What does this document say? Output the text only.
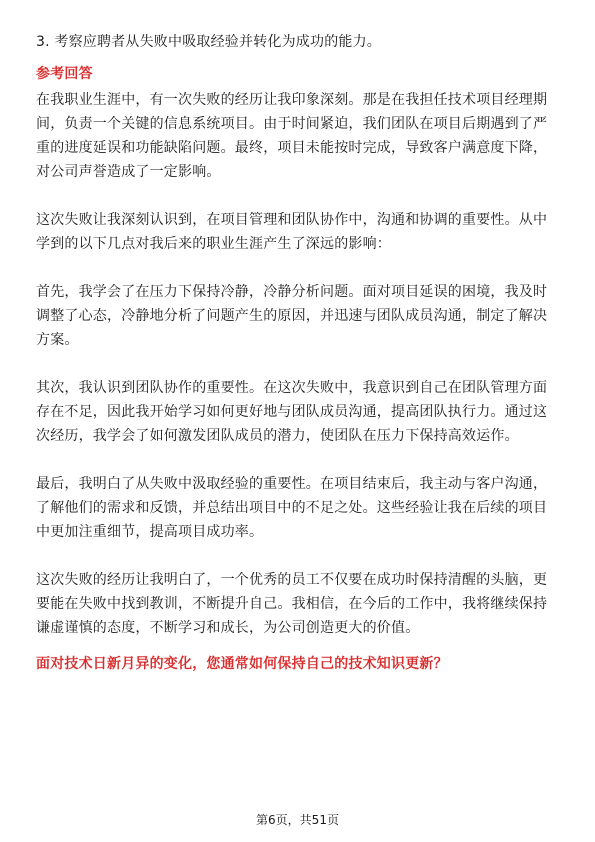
3. 考察应聘者从失败中吸取经验并转化为成功的能力。
参考回答
在我职业生涯中，有一次失败的经历让我印象深刻。那是在我担任技术项目经理期
间，负责一个关键的信息系统项目。由于时间紧迫，我们团队在项目后期遇到了严
重的进度延误和功能缺陷问题。最终，项目未能按时完成，导致客户满意度下降，
对公司声誉造成了一定影响。
这次失败让我深刻认识到，在项目管理和团队协作中，沟通和协调的重要性。从中
学到的以下几点对我后来的职业生涯产生了深远的影响：
首先，我学会了在压力下保持冷静，冷静分析问题。面对项目延误的困境，我及时
调整了心态，冷静地分析了问题产生的原因，并迅速与团队成员沟通，制定了解决
方案。
其次，我认识到团队协作的重要性。在这次失败中，我意识到自己在团队管理方面
存在不足，因此我开始学习如何更好地与团队成员沟通，提高团队执行力。通过这
次经历，我学会了如何激发团队成员的潜力，使团队在压力下保持高效运作。
最后，我明白了从失败中汲取经验的重要性。在项目结束后，我主动与客户沟通，
了解他们的需求和反馈，并总结出项目中的不足之处。这些经验让我在后续的项目
中更加注重细节，提高项目成功率。
这次失败的经历让我明白了，一个优秀的员工不仅要在成功时保持清醒的头脑，更
要能在失败中找到教训，不断提升自己。我相信，在今后的工作中，我将继续保持
谦虚谨慎的态度，不断学习和成长，为公司创造更大的价值。
面对技术日新月异的变化，您通常如何保持自己的技术知识更新？
第6页，共51页
